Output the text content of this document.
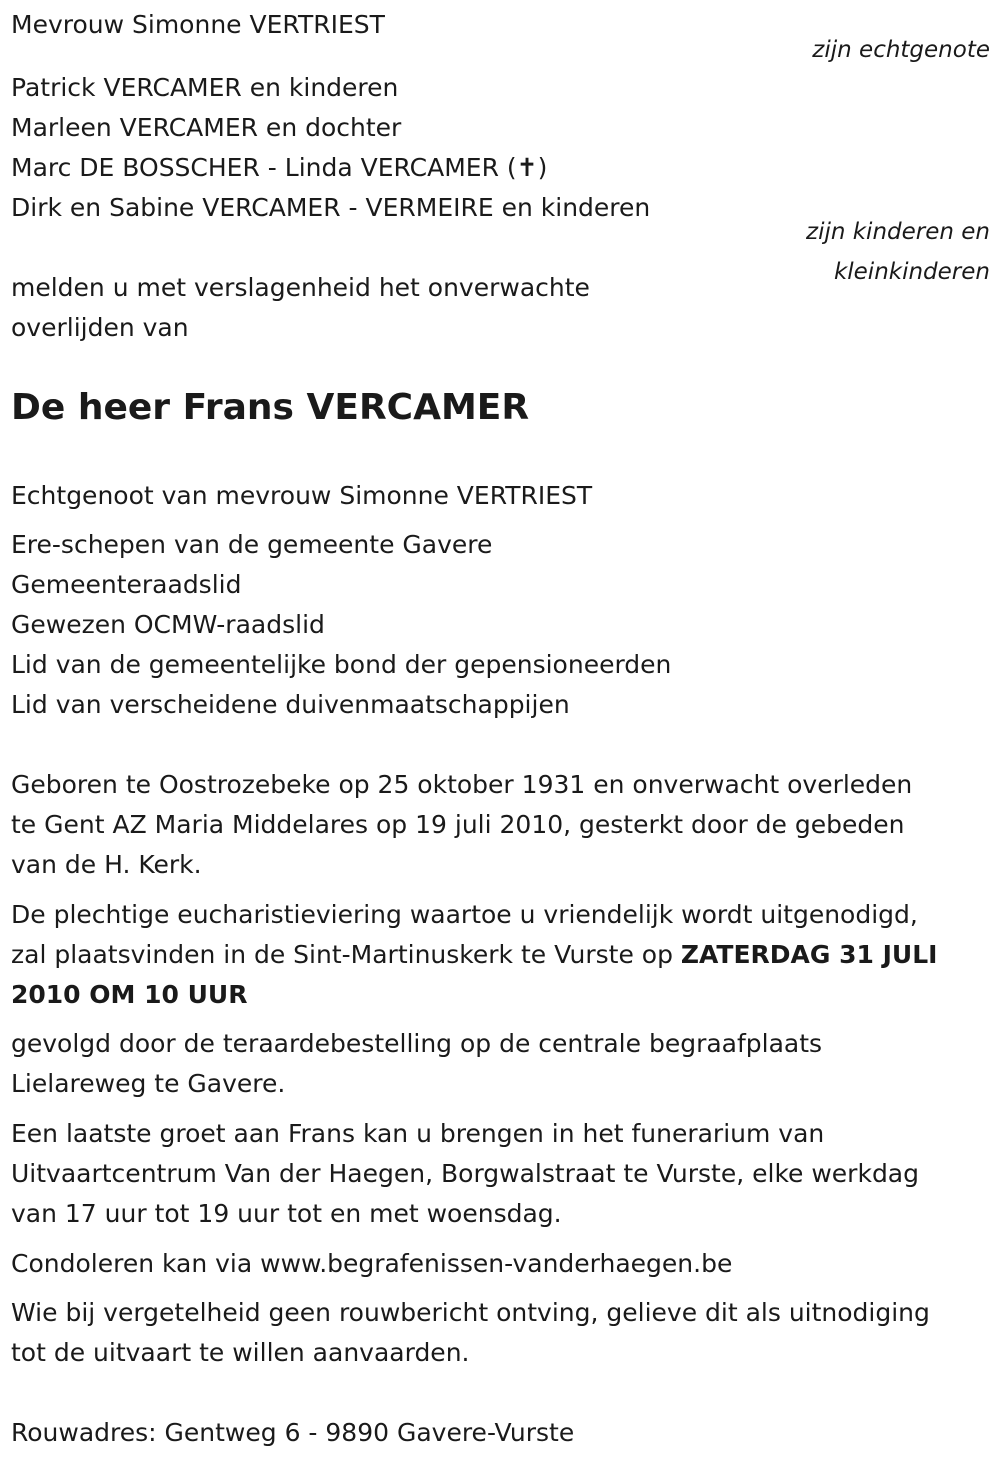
Mevrouw Simonne VERTRIEST
zijn echtgenote
Patrick VERCAMER en kinderen
Marleen VERCAMER en dochter
Marc DE BOSSCHER - Linda VERCAMER (✝)
Dirk en Sabine VERCAMER - VERMEIRE en kinderen
zijn kinderen en
kleinkinderen
melden u met verslagenheid het onverwachte
overlijden van
De heer Frans VERCAMER
Echtgenoot van mevrouw Simonne VERTRIEST
Ere-schepen van de gemeente Gavere
Gemeenteraadslid
Gewezen OCMW-raadslid
Lid van de gemeentelijke bond der gepensioneerden
Lid van verscheidene duivenmaatschappijen
Geboren te Oostrozebeke op 25 oktober 1931 en onverwacht overleden
te Gent AZ Maria Middelares op 19 juli 2010, gesterkt door de gebeden
van de H. Kerk.
De plechtige eucharistieviering waartoe u vriendelijk wordt uitgenodigd,
zal plaatsvinden in de Sint-Martinuskerk te Vurste op ZATERDAG 31 JULI
2010 OM 10 UUR
gevolgd door de teraardebestelling op de centrale begraafplaats
Lielareweg te Gavere.
Een laatste groet aan Frans kan u brengen in het funerarium van
Uitvaartcentrum Van der Haegen, Borgwalstraat te Vurste, elke werkdag
van 17 uur tot 19 uur tot en met woensdag.
Condoleren kan via www.begrafenissen-vanderhaegen.be
Wie bij vergetelheid geen rouwbericht ontving, gelieve dit als uitnodiging
tot de uitvaart te willen aanvaarden.
Rouwadres: Gentweg 6 - 9890 Gavere-Vurste
